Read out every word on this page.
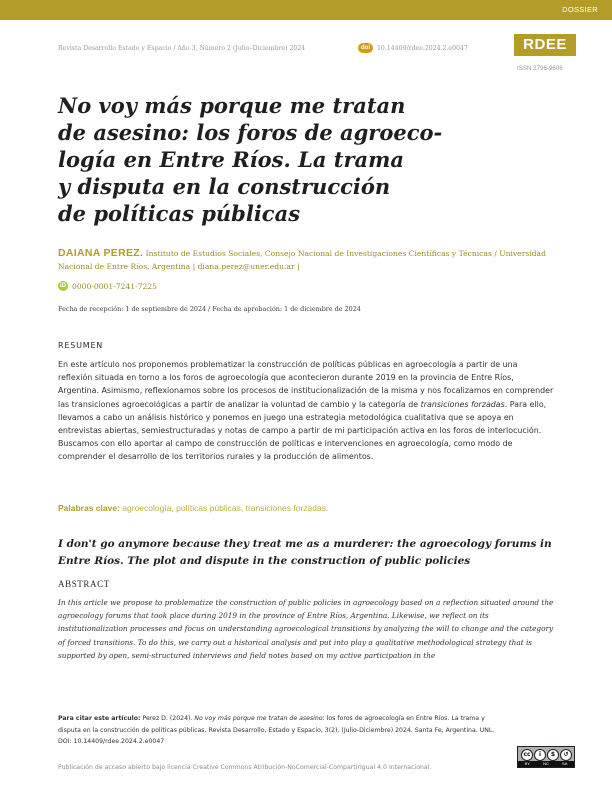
DOSSIER
Revista Desarrollo Estado y Espacio / Año 3, Número 2 (Julio–Diciembre) 2024	doi	10.14409/rdee.2024.2.e0047	RDEE
ISSN 2796-9606
No voy más porque me tratan
de asesino: los foros de agroeco-
logía en Entre Ríos. La trama
y disputa en la construcción
de políticas públicas
DAIANA PEREZ. Instituto de Estudios Sociales, Consejo Nacional de Investigaciones Científicas y Técnicas / Universidad Nacional de Entre Ríos, Argentina | diana.perez@uner.edu.ar |
iD 0000-0001-7241-7225
Fecha de recepción: 1 de septiembre de 2024 / Fecha de aprobación: 1 de diciembre de 2024
RESUMEN

En este artículo nos proponemos problematizar la construcción de políticas públicas en agroecología a partir de una reflexión situada en torno a los foros de agroecología que acontecieron durante 2019 en la provincia de Entre Ríos, Argentina. Asimismo, reflexionamos sobre los procesos de institucionalización de la misma y nos focalizamos en comprender las transiciones agroecológicas a partir de analizar la voluntad de cambio y la categoría de transiciones forzadas. Para ello, llevamos a cabo un análisis histórico y ponemos en juego una estrategia metodológica cualitativa que se apoya en entrevistas abiertas, semiestructuradas y notas de campo a partir de mi participación activa en los foros de interlocución. Buscamos con ello aportar al campo de construcción de políticas e intervenciones en agroecología, como modo de comprender el desarrollo de los territorios rurales y la producción de alimentos.

Palabras clave: agroecología, políticas públicas, transiciones forzadas.
I don't go anymore because they treat me as a murderer: the agroecology forums in Entre Ríos. The plot and dispute in the construction of public policies
ABSTRACT

In this article we propose to problematize the construction of public policies in agroecology based on a reflection situated around the agroecology forums that took place during 2019 in the province of Entre Ríos, Argentina. Likewise, we reflect on its institutionalization processes and focus on understanding agroecological transitions by analyzing the will to change and the category of forced transitions. To do this, we carry out a historical analysis and put into play a qualitative methodological strategy that is supported by open, semi-structured interviews and field notes based on my active participation in the

Para citar este artículo: Perez D. (2024). No voy más porque me tratan de asesino: los foros de agroecología en Entre Ríos. La trama y disputa en la construcción de políticas públicas. Revista Desarrollo, Estado y Espacio, 3(2). (Julio-Diciembre) 2024. Santa Fe, Argentina. UNL. DOI: 10.14409/rdee.2024.2.e0047

cc	i	$	↺
BY	NC	SA
Publicación de acceso abierto bajo licencia Creative Commons Atribución-NoComercial-CompartirIgual 4.0 Internacional.
